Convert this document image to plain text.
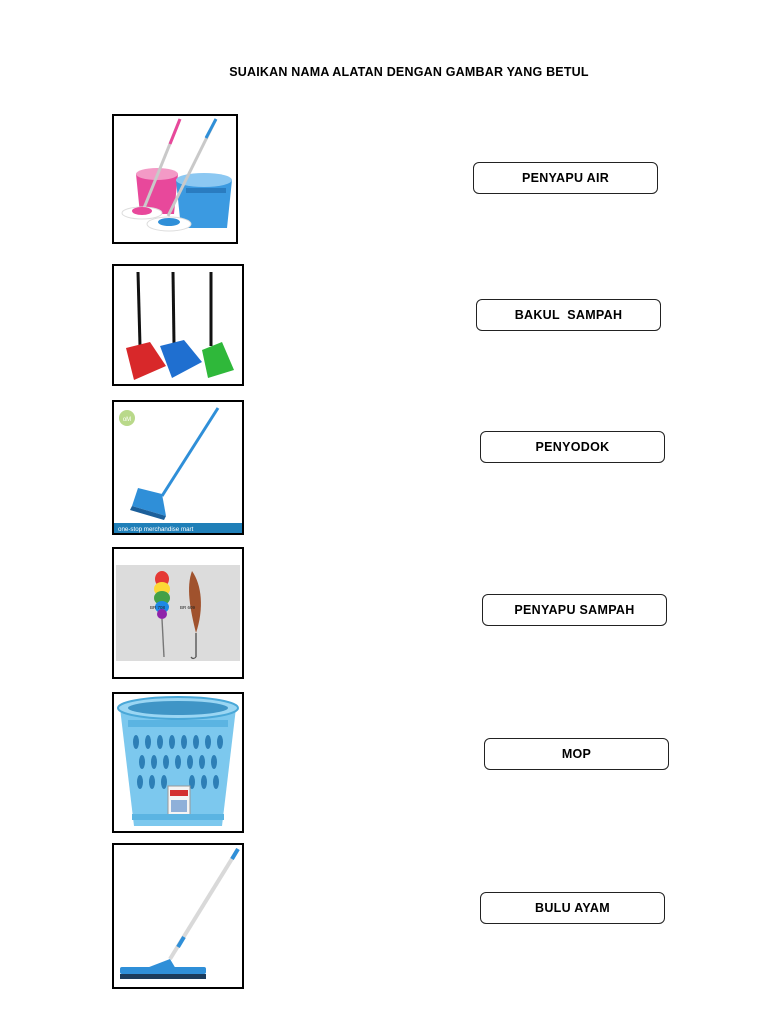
SUAIKAN NAMA ALATAN DENGAN GAMBAR YANG BETUL
oM
one-stop merchandise mart
BR 708	BR 609
PENYAPU AIR
BAKUL  SAMPAH
PENYODOK
PENYAPU SAMPAH
MOP
BULU AYAM
